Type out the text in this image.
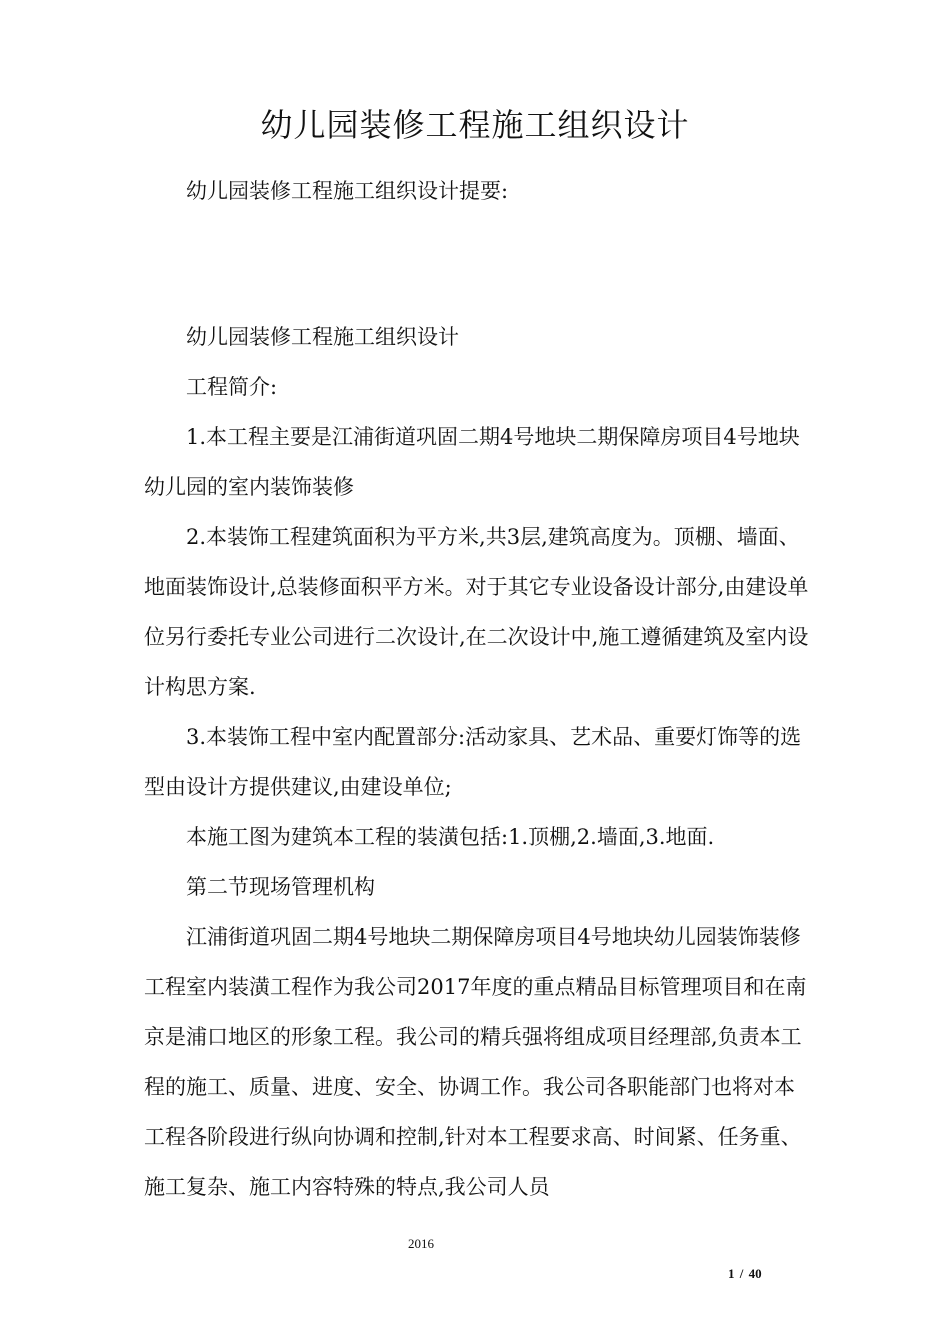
幼儿园装修工程施工组织设计

幼儿园装修工程施工组织设计提要:

幼儿园装修工程施工组织设计

工程简介:

1.本工程主要是江浦街道巩固二期4号地块二期保障房项目4号地块幼儿园的室内装饰装修

2.本装饰工程建筑面积为平方米,共3层,建筑高度为。顶棚、墙面、地面装饰设计,总装修面积平方米。对于其它专业设备设计部分,由建设单位另行委托专业公司进行二次设计,在二次设计中,施工遵循建筑及室内设计构思方案.

3.本装饰工程中室内配置部分:活动家具、艺术品、重要灯饰等的选型由设计方提供建议,由建设单位;

本施工图为建筑本工程的装潢包括:1.顶棚,2.墙面,3.地面.

第二节现场管理机构

江浦街道巩固二期4号地块二期保障房项目4号地块幼儿园装饰装修工程室内装潢工程作为我公司2017年度的重点精品目标管理项目和在南京是浦口地区的形象工程。我公司的精兵强将组成项目经理部,负责本工程的施工、质量、进度、安全、协调工作。我公司各职能部门也将对本工程各阶段进行纵向协调和控制,针对本工程要求高、时间紧、任务重、施工复杂、施工内容特殊的特点,我公司人员

2016
1 / 40
